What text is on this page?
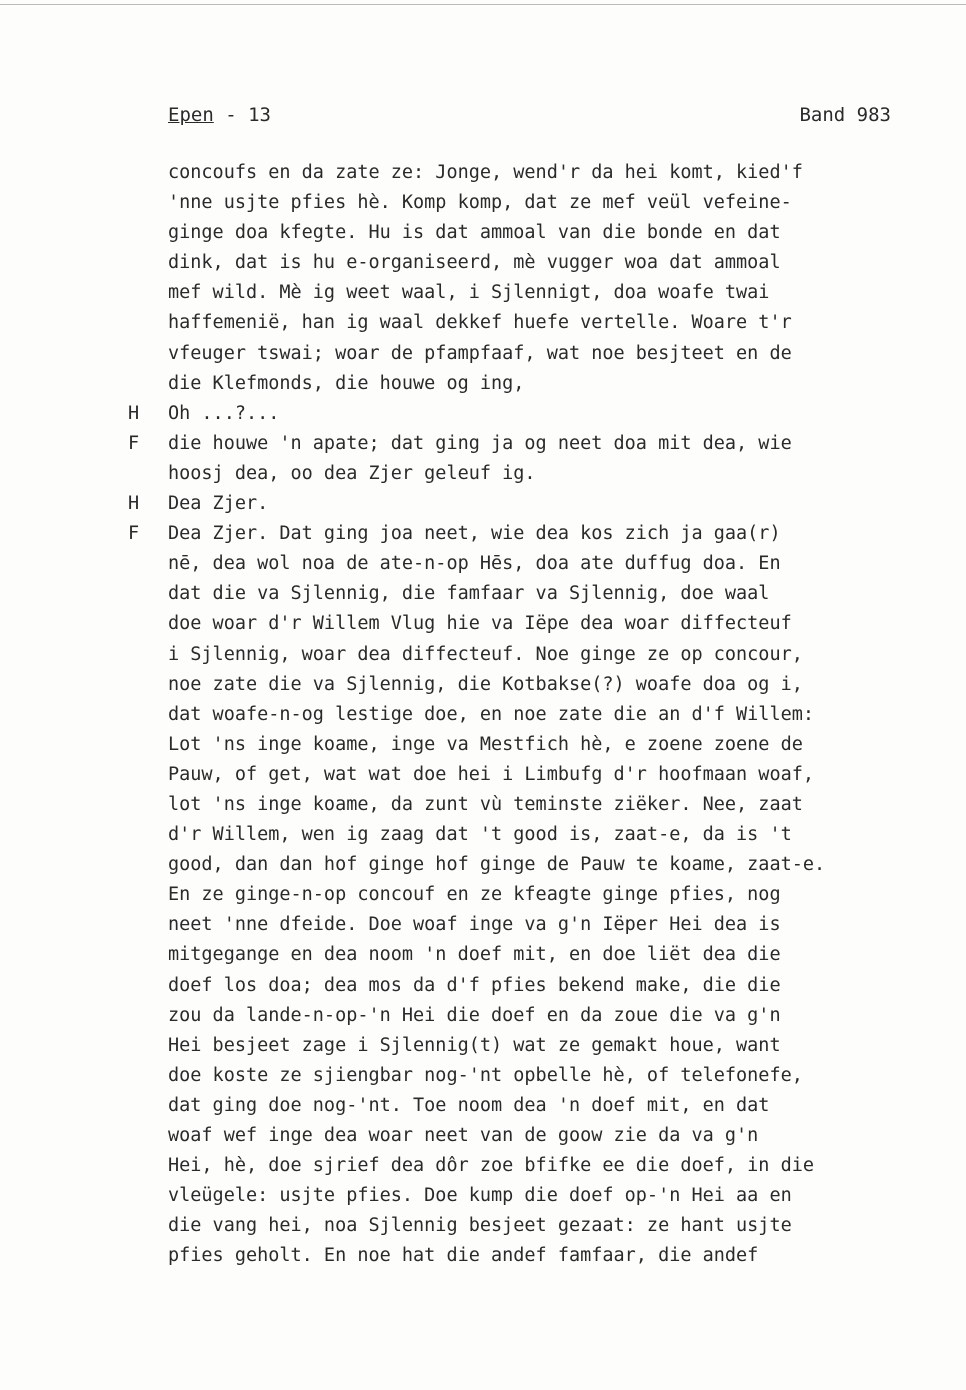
Epen - 13	Band 983
concoufs en da zate ze: Jonge, wend'r da hei komt, kied'f
'nne usjte pfies hè. Komp komp, dat ze mef veül vefeine-
ginge doa kfegte. Hu is dat ammoal van die bonde en dat
dink, dat is hu e-organiseerd, mè vugger woa dat ammoal
mef wild. Mè ig weet waal, i Sjlennigt, doa woafe twai
haffemenië, han ig waal dekkef huefe vertelle. Woare t'r
vfeuger tswai; woar de pfampfaaf, wat noe besjteet en de
die Klefmonds, die houwe og ing,
H Oh ...?...
F die houwe 'n apate; dat ging ja og neet doa mit dea, wie
hoosj dea, oo dea Zjer geleuf ig.
H Dea Zjer.
F Dea Zjer. Dat ging joa neet, wie dea kos zich ja gaa(r)
nē, dea wol noa de ate-n-op Hēs, doa ate duffug doa. En
dat die va Sjlennig, die famfaar va Sjlennig, doe waal
doe woar d'r Willem Vlug hie va Iëpe dea woar diffecteuf
i Sjlennig, woar dea diffecteuf. Noe ginge ze op concour,
noe zate die va Sjlennig, die Kotbakse(?) woafe doa og i,
dat woafe-n-og lestige doe, en noe zate die an d'f Willem:
Lot 'ns inge koame, inge va Mestfich hè, e zoene zoene de
Pauw, of get, wat wat doe hei i Limbufg d'r hoofmaan woaf,
lot 'ns inge koame, da zunt vù teminste ziëker. Nee, zaat
d'r Willem, wen ig zaag dat 't good is, zaat-e, da is 't
good, dan dan hof ginge hof ginge de Pauw te koame, zaat-e.
En ze ginge-n-op concouf en ze kfeagte ginge pfies, nog
neet 'nne dfeide. Doe woaf inge va g'n Iëper Hei dea is
mitgegange en dea noom 'n doef mit, en doe liët dea die
doef los doa; dea mos da d'f pfies bekend make, die die
zou da lande-n-op-'n Hei die doef en da zoue die va g'n
Hei besjeet zage i Sjlennig(t) wat ze gemakt houe, want
doe koste ze sjiengbar nog-'nt opbelle hè, of telefonefe,
dat ging doe nog-'nt. Toe noom dea 'n doef mit, en dat
woaf wef inge dea woar neet van de goow zie da va g'n
Hei, hè, doe sjrief dea dôr zoe bfifke ee die doef, in die
vleügele: usjte pfies. Doe kump die doef op-'n Hei aa en
die vang hei, noa Sjlennig besjeet gezaat: ze hant usjte
pfies geholt. En noe hat die andef famfaar, die andef
